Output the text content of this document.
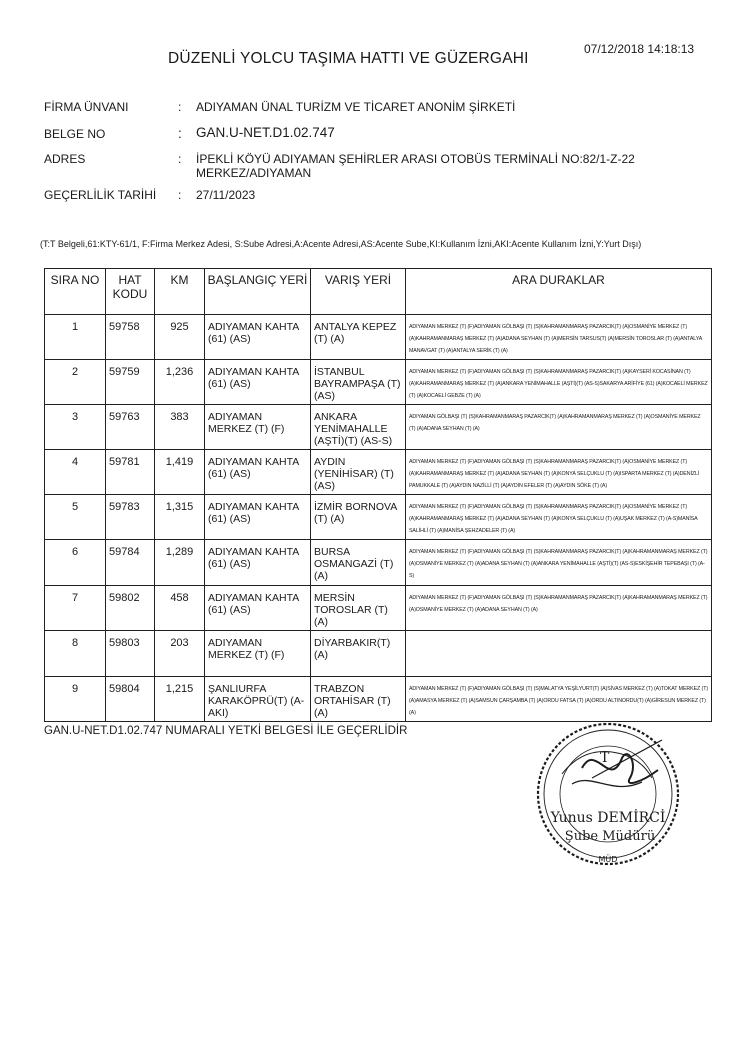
07/12/2018 14:18:13
DÜZENLİ YOLCU TAŞIMA HATTI VE GÜZERGAHI
FİRMA ÜNVANI	: ADIYAMAN ÜNAL TURİZM VE TİCARET ANONİM ŞİRKETİ
BELGE NO	: GAN.U-NET.D1.02.747
ADRES	: İPEKLİ KÖYÜ ADIYAMAN ŞEHİRLER ARASI OTOBÜS TERMİNALİ NO:82/1-Z-22 MERKEZ/ADIYAMAN
GEÇERLİLİK TARİHİ	: 27/11/2023
(T:T Belgeli,61:KTY-61/1, F:Firma Merkez Adesi, S:Sube Adresi,A:Acente Adresi,AS:Acente Sube,KI:Kullanım İzni,AKI:Acente Kullanım İzni,Y:Yurt Dışı)
SIRA NO	HAT KODU	KM	BAŞLANGIÇ YERİ	VARIŞ YERİ	ARA DURAKLAR
1	59758	925	ADIYAMAN KAHTA (61) (AS)	ANTALYA KEPEZ (T) (A)	ADIYAMAN MERKEZ (T) (F)ADIYAMAN GÖLBAŞI (T) (S)KAHRAMANMARAŞ PAZARCIK(T) (A)OSMANİYE MERKEZ (T) (A)KAHRAMANMARAŞ MERKEZ (T) (A)ADANA SEYHAN (T) (A)MERSİN TARSUS(T) (A)MERSİN TOROSLAR (T) (A)ANTALYA MANAVGAT (T) (A)ANTALYA SERİK (T) (A)
2	59759	1,236	ADIYAMAN KAHTA (61) (AS)	İSTANBUL BAYRAMPAŞA (T) (AS)	ADIYAMAN MERKEZ (T) (F)ADIYAMAN GÖLBAŞI (T) (S)KAHRAMANMARAŞ PAZARCIK(T) (A)KAYSERİ KOCASİNAN (T) (A)KAHRAMANMARAŞ MERKEZ (T) (A)ANKARA YENİMAHALLE (AŞTİ)(T) (AS-S)SAKARYA ARİFİYE (61) (A)KOCAELİ MERKEZ (T) (A)KOCAELİ GEBZE (T) (A)
3	59763	383	ADIYAMAN MERKEZ (T) (F)	ANKARA YENİMAHALLE (AŞTİ)(T) (AS-S)	ADIYAMAN GÖLBAŞI (T) (S)KAHRAMANMARAŞ PAZARCIK(T) (A)KAHRAMANMARAŞ MERKEZ (T) (A)OSMANİYE MERKEZ (T) (A)ADANA SEYHAN (T) (A)
4	59781	1,419	ADIYAMAN KAHTA (61) (AS)	AYDIN (YENİHİSAR) (T) (AS)	ADIYAMAN MERKEZ (T) (F)ADIYAMAN GÖLBAŞI (T) (S)KAHRAMANMARAŞ PAZARCIK(T) (A)OSMANİYE MERKEZ (T) (A)KAHRAMANMARAŞ MERKEZ (T) (A)ADANA SEYHAN (T) (A)KONYA SELÇUKLU (T) (A)ISPARTA MERKEZ (T) (A)DENİZLİ PAMUKKALE (T) (A)AYDIN NAZİLLİ (T) (A)AYDIN EFELER (T) (A)AYDIN SÖKE (T) (A)
5	59783	1,315	ADIYAMAN KAHTA (61) (AS)	İZMİR BORNOVA (T) (A)	ADIYAMAN MERKEZ (T) (F)ADIYAMAN GÖLBAŞI (T) (S)KAHRAMANMARAŞ PAZARCIK(T) (A)OSMANİYE MERKEZ (T) (A)KAHRAMANMARAŞ MERKEZ (T) (A)ADANA SEYHAN (T) (A)KONYA SELÇUKLU (T) (A)UŞAK MERKEZ (T) (A-S)MANİSA SALİHLİ (T) (A)MANİSA ŞEHZADELER (T) (A)
6	59784	1,289	ADIYAMAN KAHTA (61) (AS)	BURSA OSMANGAZİ (T) (A)	ADIYAMAN MERKEZ (T) (F)ADIYAMAN GÖLBAŞI (T) (S)KAHRAMANMARAŞ PAZARCIK(T) (A)KAHRAMANMARAŞ MERKEZ (T) (A)OSMANİYE MERKEZ (T) (A)ADANA SEYHAN (T) (A)ANKARA YENİMAHALLE (AŞTİ)(T) (AS-S)ESKİŞEHİR TEPEBAŞI (T) (A-S)
7	59802	458	ADIYAMAN KAHTA (61) (AS)	MERSİN TOROSLAR (T) (A)	ADIYAMAN MERKEZ (T) (F)ADIYAMAN GÖLBAŞI (T) (S)KAHRAMANMARAŞ PAZARCIK(T) (A)KAHRAMANMARAŞ MERKEZ (T) (A)OSMANİYE MERKEZ (T) (A)ADANA SEYHAN (T) (A)
8	59803	203	ADIYAMAN MERKEZ (T) (F)	DİYARBAKIR(T) (A)	
9	59804	1,215	ŞANLIURFA KARAKÖPRÜ(T) (A-AKI)	TRABZON ORTAHİSAR (T) (A)	ADIYAMAN MERKEZ (T) (F)ADIYAMAN GÖLBAŞI (T) (S)MALATYA YEŞİLYURT(T) (A)SİVAS MERKEZ (T) (A)TOKAT MERKEZ (T) (A)AMASYA MERKEZ (T) (A)SAMSUN ÇARŞAMBA (T) (A)ORDU FATSA (T) (A)ORDU ALTINORDU(T) (A)GİRESUN MERKEZ (T) (A)
GAN.U-NET.D1.02.747 NUMARALI YETKİ BELGESİ İLE GEÇERLİDİR
T
MÜD
Yunus DEMİRCİ
Şube Müdürü
